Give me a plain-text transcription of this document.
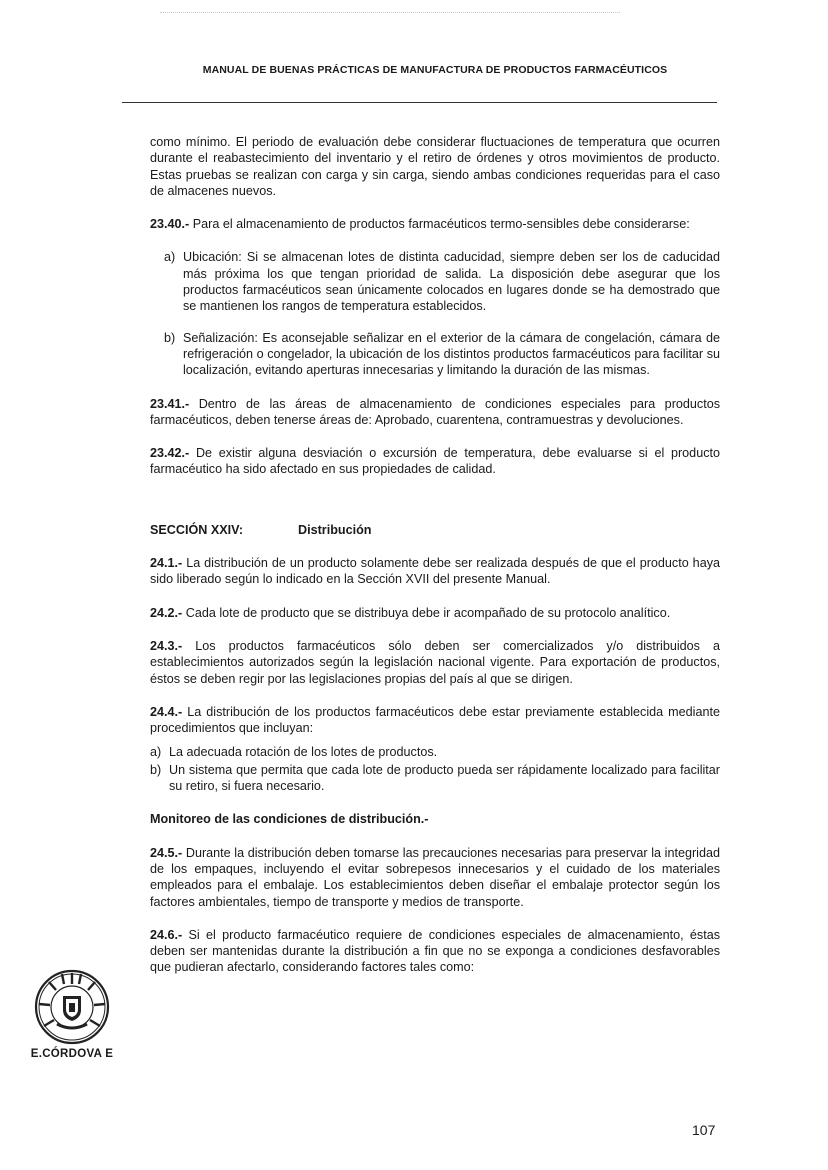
MANUAL DE BUENAS PRÁCTICAS DE MANUFACTURA DE PRODUCTOS FARMACÉUTICOS

como mínimo. El periodo de evaluación debe considerar fluctuaciones de temperatura que ocurren durante el reabastecimiento del inventario y el retiro de órdenes y otros movimientos de producto. Estas pruebas se realizan con carga y sin carga, siendo ambas condiciones requeridas para el caso de almacenes nuevos.

23.40.- Para el almacenamiento de productos farmacéuticos termo-sensibles debe considerarse:

a) Ubicación: Si se almacenan lotes de distinta caducidad, siempre deben ser los de caducidad más próxima los que tengan prioridad de salida. La disposición debe asegurar que los productos farmacéuticos sean únicamente colocados en lugares donde se ha demostrado que se mantienen los rangos de temperatura establecidos.
b) Señalización: Es aconsejable señalizar en el exterior de la cámara de congelación, cámara de refrigeración o congelador, la ubicación de los distintos productos farmacéuticos para facilitar su localización, evitando aperturas innecesarias y limitando la duración de las mismas.

23.41.- Dentro de las áreas de almacenamiento de condiciones especiales para productos farmacéuticos, deben tenerse áreas de: Aprobado, cuarentena, contramuestras y devoluciones.

23.42.- De existir alguna desviación o excursión de temperatura, debe evaluarse si el producto farmacéutico ha sido afectado en sus propiedades de calidad.

SECCIÓN XXIV:	Distribución

24.1.- La distribución de un producto solamente debe ser realizada después de que el producto haya sido liberado según lo indicado en la Sección XVII del presente Manual.

24.2.- Cada lote de producto que se distribuya debe ir acompañado de su protocolo analítico.

24.3.- Los productos farmacéuticos sólo deben ser comercializados y/o distribuidos a establecimientos autorizados según la legislación nacional vigente. Para exportación de productos, éstos se deben regir por las legislaciones propias del país al que se dirigen.

24.4.- La distribución de los productos farmacéuticos debe estar previamente establecida mediante procedimientos que incluyan:

a) La adecuada rotación de los lotes de productos.
b) Un sistema que permita que cada lote de producto pueda ser rápidamente localizado para facilitar su retiro, si fuera necesario.

Monitoreo de las condiciones de distribución.-

24.5.- Durante la distribución deben tomarse las precauciones necesarias para preservar la integridad de los empaques, incluyendo el evitar sobrepesos innecesarios y el cuidado de los materiales empleados para el embalaje. Los establecimientos deben diseñar el embalaje protector según los factores ambientales, tiempo de transporte y medios de transporte.

24.6.- Si el producto farmacéutico requiere de condiciones especiales de almacenamiento, éstas deben ser mantenidas durante la distribución a fin que no se exponga a condiciones desfavorables que pudieran afectarlo, considerando factores tales como:

E.CÓRDOVA E
107
